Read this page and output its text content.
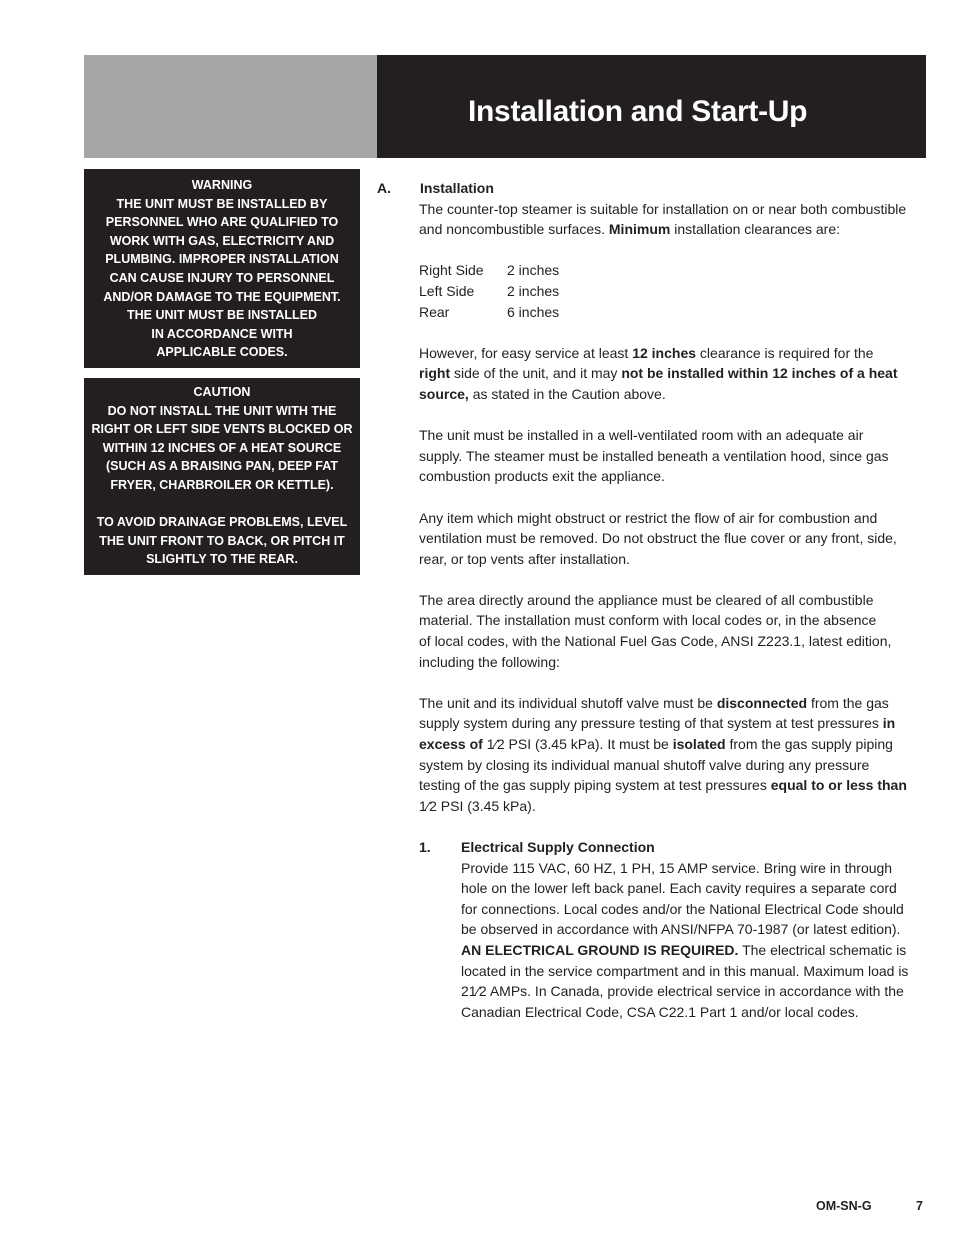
Installation and Start-Up
WARNING
THE UNIT MUST BE INSTALLED BY
PERSONNEL WHO ARE QUALIFIED TO
WORK WITH GAS, ELECTRICITY AND
PLUMBING. IMPROPER INSTALLATION
CAN CAUSE INJURY TO PERSONNEL
AND/OR DAMAGE TO THE EQUIPMENT.
THE UNIT MUST BE INSTALLED
IN ACCORDANCE WITH
APPLICABLE CODES.
CAUTION
DO NOT INSTALL THE UNIT WITH THE
RIGHT OR LEFT SIDE VENTS BLOCKED OR
WITHIN 12 INCHES OF A HEAT SOURCE
(SUCH AS A BRAISING PAN, DEEP FAT
FRYER, CHARBROILER OR KETTLE).
TO AVOID DRAINAGE PROBLEMS, LEVEL
THE UNIT FRONT TO BACK, OR PITCH IT
SLIGHTLY TO THE REAR.
A.	Installation

The counter-top steamer is suitable for installation on or near both combustible
and noncombustible surfaces. Minimum installation clearances are:

Right Side	2 inches
Left Side	2 inches
Rear	6 inches

However, for easy service at least 12 inches clearance is required for the
right side of the unit, and it may not be installed within 12 inches of a heat
source, as stated in the Caution above.

The unit must be installed in a well-ventilated room with an adequate air
supply. The steamer must be installed beneath a ventilation hood, since gas
combustion products exit the appliance.

Any item which might obstruct or restrict the flow of air for combustion and
ventilation must be removed. Do not obstruct the flue cover or any front, side,
rear, or top vents after installation.

The area directly around the appliance must be cleared of all combustible
material. The installation must conform with local codes or, in the absence
of local codes, with the National Fuel Gas Code, ANSI Z223.1, latest edition,
including the following:

The unit and its individual shutoff valve must be disconnected from the gas
supply system during any pressure testing of that system at test pressures in
excess of 1⁄2 PSI (3.45 kPa). It must be isolated from the gas supply piping
system by closing its individual manual shutoff valve during any pressure
testing of the gas supply piping system at test pressures equal to or less than
1⁄2 PSI (3.45 kPa).

1.	Electrical Supply Connection

Provide 115 VAC, 60 HZ, 1 PH, 15 AMP service. Bring wire in through
hole on the lower left back panel. Each cavity requires a separate cord
for connections. Local codes and/or the National Electrical Code should
be observed in accordance with ANSI/NFPA 70-1987 (or latest edition).
AN ELECTRICAL GROUND IS REQUIRED. The electrical schematic is
located in the service compartment and in this manual. Maximum load is
21⁄2 AMPs. In Canada, provide electrical service in accordance with the
Canadian Electrical Code, CSA C22.1 Part 1 and/or local codes.

OM-SN-G	7
